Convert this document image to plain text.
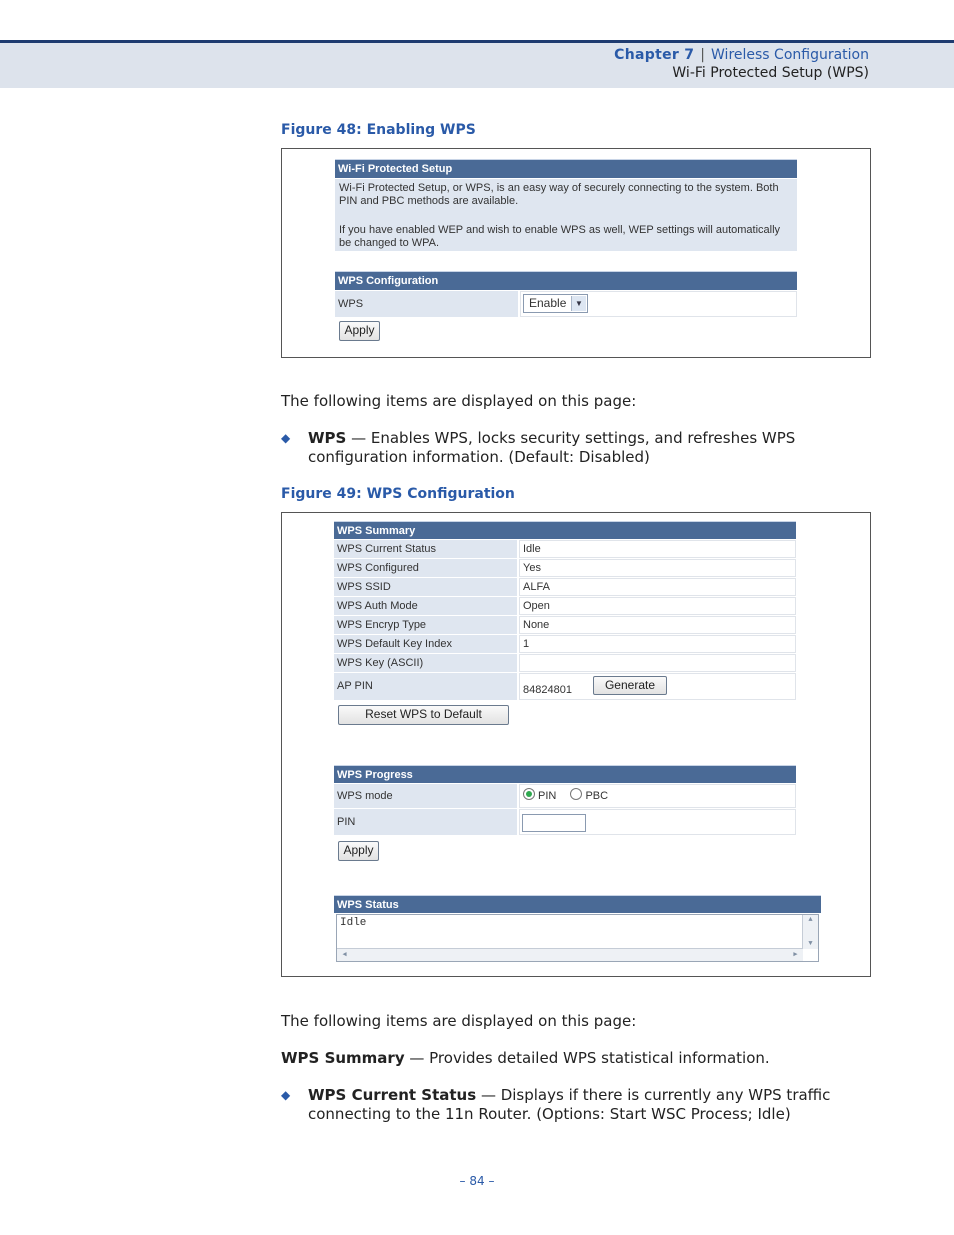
Chapter 7 | Wireless Configuration
Wi-Fi Protected Setup (WPS)
Figure 48: Enabling WPS
Wi-Fi Protected Setup
Wi-Fi Protected Setup, or WPS, is an easy way of securely connecting to the system. Both PIN and PBC methods are available.
If you have enabled WEP and wish to enable WPS as well, WEP settings will automatically be changed to WPA.
WPS Configuration
WPS	Enable	▼
Apply
The following items are displayed on this page:
◆ WPS — Enables WPS, locks security settings, and refreshes WPS configuration information. (Default: Disabled)
Figure 49: WPS Configuration
WPS Summary
WPS Current Status	Idle
WPS Configured	Yes
WPS SSID	ALFA
WPS Auth Mode	Open
WPS Encryp Type	None
WPS Default Key Index	1
WPS Key (ASCII)
AP PIN	84824801	Generate
Reset WPS to Default
WPS Progress
WPS mode	PIN	PBC
PIN
Apply
WPS Status
Idle	▲
▼
◀	▶
The following items are displayed on this page:
WPS Summary — Provides detailed WPS statistical information.
◆ WPS Current Status — Displays if there is currently any WPS traffic connecting to the 11n Router. (Options: Start WSC Process; Idle)
– 84 –
